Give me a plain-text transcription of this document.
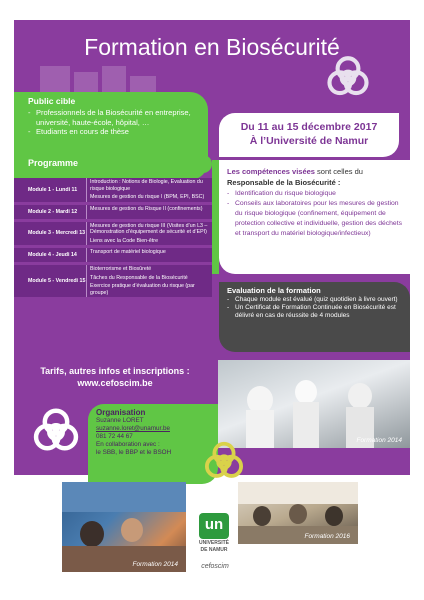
Formation en Biosécurité
Public cible
- Professionnels de la Biosécurité en entreprise, université, haute-école, hôpital, …
- Etudiants en cours de thèse	Du 11 au 15 décembre 2017
À l’Université de Namur
Programme
Module 1 - Lundi 11
Introduction : Notions de Biologie, Evaluation du risque biologique
Mesures de gestion du risque I (BPM, EPI, BSC)
Module 2 - Mardi 12	Mesures de gestion du Risque II (confinements)
Module 3 - Mercredi 13
Mesures de gestion du risque III (Visites d’un L3 – Démonstration d’équipement de sécurité et d’EPI)
Liens avec la Code Bien-être
Module 4 - Jeudi 14	Transport de matériel biologique
Module 5 - Vendredi 15
Bioterrorisme et Biosûreté
Tâches du Responsable de la Biosécurité
Exercice pratique d’évaluation du risque (par groupe)

Les compétences visées sont celles du Responsable de la Biosécurité :

- Identification du risque biologique
- Conseils aux laboratoires pour les mesures de gestion du risque biologique (confinement, équipement de protection collective et individuelle, gestion des déchets et transport du matériel biologique/infectieux)
Evaluation de la formation
- Chaque module est évalué (quiz quotidien à livre ouvert)
- Un Certificat de Formation Continuée en Biosécurité est délivré en cas de réussite de 4 modules
Tarifs, autres infos et inscriptions :
www.cefoscim.be
Formation 2014
Organisation
Suzanne LORET
suzanne.loret@unamur.be
081 72 44 67
En collaboration avec :
le SBB, le BBP et le BSOH
Formation 2014
Formation 2016
un
UNIVERSITÉ
DE NAMUR
cefoscim
